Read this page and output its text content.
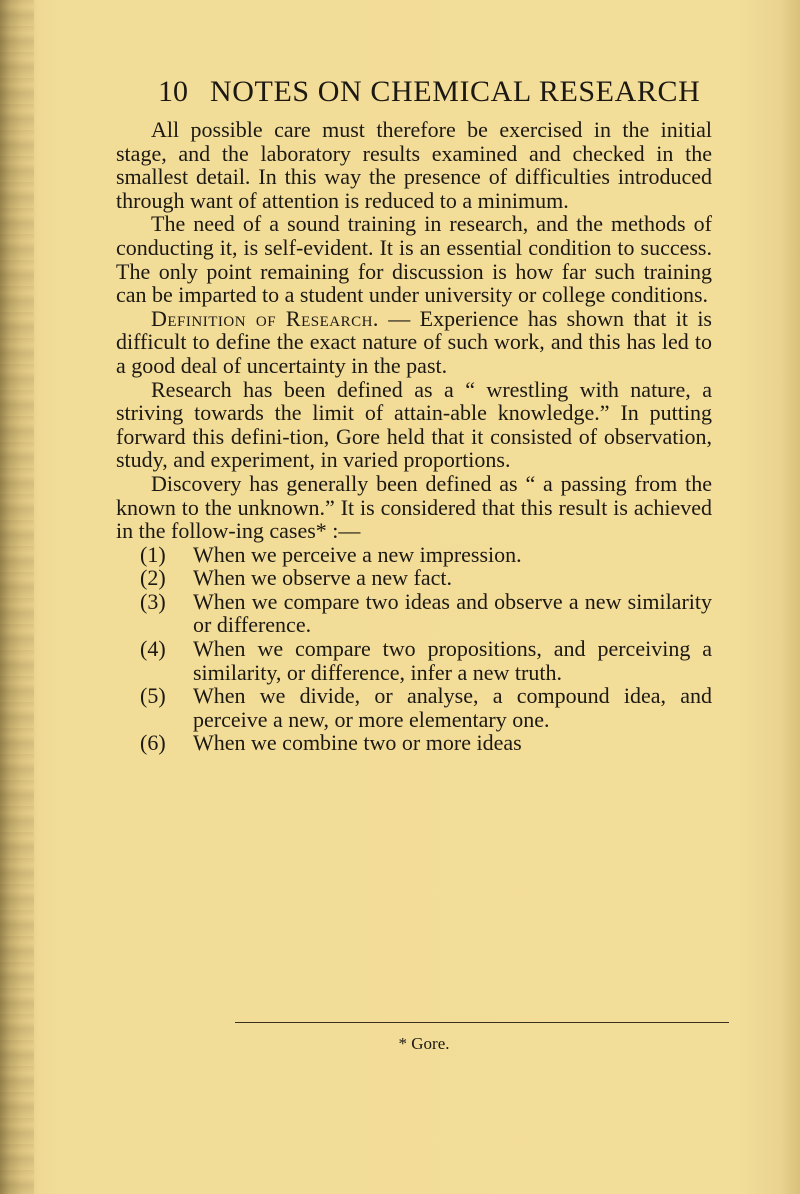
10 NOTES ON CHEMICAL RESEARCH

All possible care must therefore be exercised in the initial stage, and the laboratory results examined and checked in the smallest detail. In this way the presence of difficulties introduced through want of attention is reduced to a minimum.

The need of a sound training in research, and the methods of conducting it, is self-evident. It is an essential condition to success. The only point remaining for discussion is how far such training can be imparted to a student under university or college conditions.

Definition of Research. — Experience has shown that it is difficult to define the exact nature of such work, and this has led to a good deal of uncertainty in the past.

Research has been defined as a “ wrestling with nature, a striving towards the limit of attain-able knowledge.” In putting forward this defini-tion, Gore held that it consisted of observation, study, and experiment, in varied proportions.

Discovery has generally been defined as “ a passing from the known to the unknown.” It is considered that this result is achieved in the follow-ing cases* :—

(1) When we perceive a new impression.
(2) When we observe a new fact.
(3) When we compare two ideas and observe a new similarity or difference.
(4) When we compare two propositions, and perceiving a similarity, or difference, infer a new truth.
(5) When we divide, or analyse, a compound idea, and perceive a new, or more elementary one.
(6) When we combine two or more ideas
* Gore.
